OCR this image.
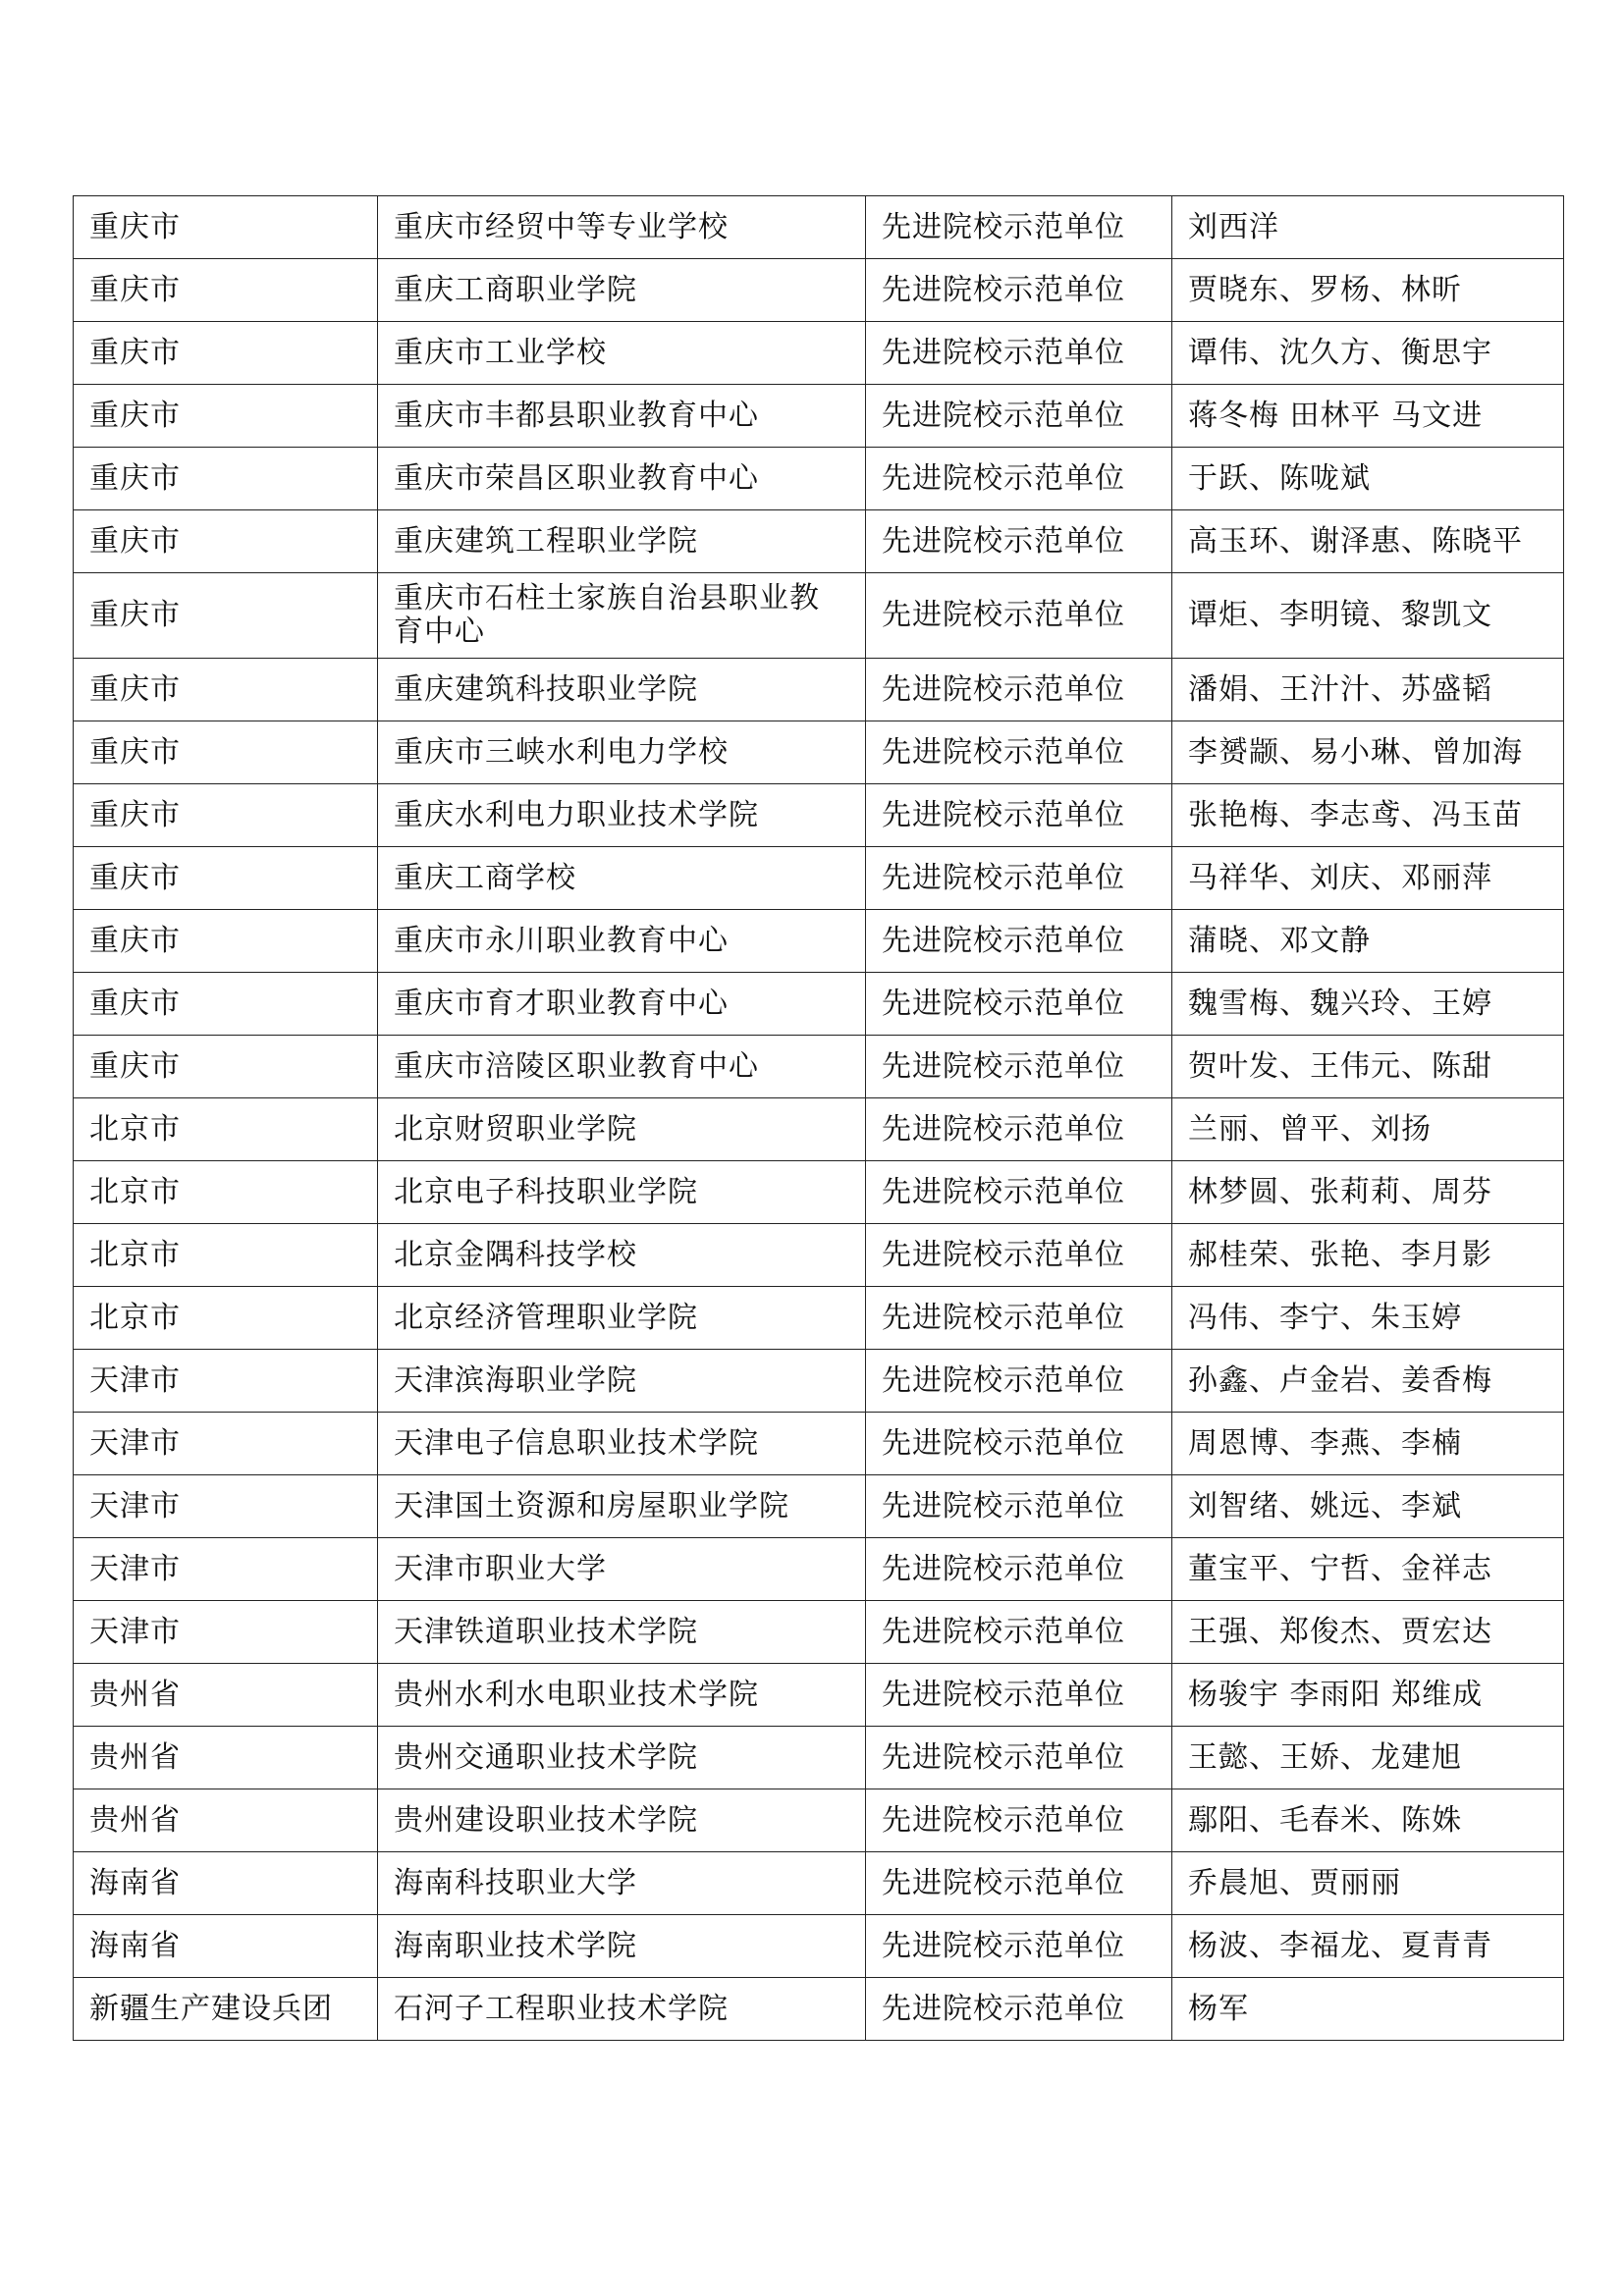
重庆市	重庆市经贸中等专业学校	先进院校示范单位	刘西洋
重庆市	重庆工商职业学院	先进院校示范单位	贾晓东、罗杨、林昕
重庆市	重庆市工业学校	先进院校示范单位	谭伟、沈久方、衡思宇
重庆市	重庆市丰都县职业教育中心	先进院校示范单位	蒋冬梅 田林平 马文进
重庆市	重庆市荣昌区职业教育中心	先进院校示范单位	于跃、陈咙斌
重庆市	重庆建筑工程职业学院	先进院校示范单位	高玉环、谢泽惠、陈晓平
重庆市	重庆市石柱土家族自治县职业教育中心	先进院校示范单位	谭炬、李明镜、黎凯文
重庆市	重庆建筑科技职业学院	先进院校示范单位	潘娟、王汁汁、苏盛韬
重庆市	重庆市三峡水利电力学校	先进院校示范单位	李赟颛、易小琳、曾加海
重庆市	重庆水利电力职业技术学院	先进院校示范单位	张艳梅、李志鸢、冯玉苗
重庆市	重庆工商学校	先进院校示范单位	马祥华、刘庆、邓丽萍
重庆市	重庆市永川职业教育中心	先进院校示范单位	蒲晓、邓文静
重庆市	重庆市育才职业教育中心	先进院校示范单位	魏雪梅、魏兴玲、王婷
重庆市	重庆市涪陵区职业教育中心	先进院校示范单位	贺叶发、王伟元、陈甜
北京市	北京财贸职业学院	先进院校示范单位	兰丽、曾平、刘扬
北京市	北京电子科技职业学院	先进院校示范单位	林梦圆、张莉莉、周芬
北京市	北京金隅科技学校	先进院校示范单位	郝桂荣、张艳、李月影
北京市	北京经济管理职业学院	先进院校示范单位	冯伟、李宁、朱玉婷
天津市	天津滨海职业学院	先进院校示范单位	孙鑫、卢金岩、姜香梅
天津市	天津电子信息职业技术学院	先进院校示范单位	周恩博、李燕、李楠
天津市	天津国土资源和房屋职业学院	先进院校示范单位	刘智绪、姚远、李斌
天津市	天津市职业大学	先进院校示范单位	董宝平、宁哲、金祥志
天津市	天津铁道职业技术学院	先进院校示范单位	王强、郑俊杰、贾宏达
贵州省	贵州水利水电职业技术学院	先进院校示范单位	杨骏宇 李雨阳 郑维成
贵州省	贵州交通职业技术学院	先进院校示范单位	王懿、王娇、龙建旭
贵州省	贵州建设职业技术学院	先进院校示范单位	鄢阳、毛春米、陈姝
海南省	海南科技职业大学	先进院校示范单位	乔晨旭、贾丽丽
海南省	海南职业技术学院	先进院校示范单位	杨波、李福龙、夏青青
新疆生产建设兵团	石河子工程职业技术学院	先进院校示范单位	杨军
